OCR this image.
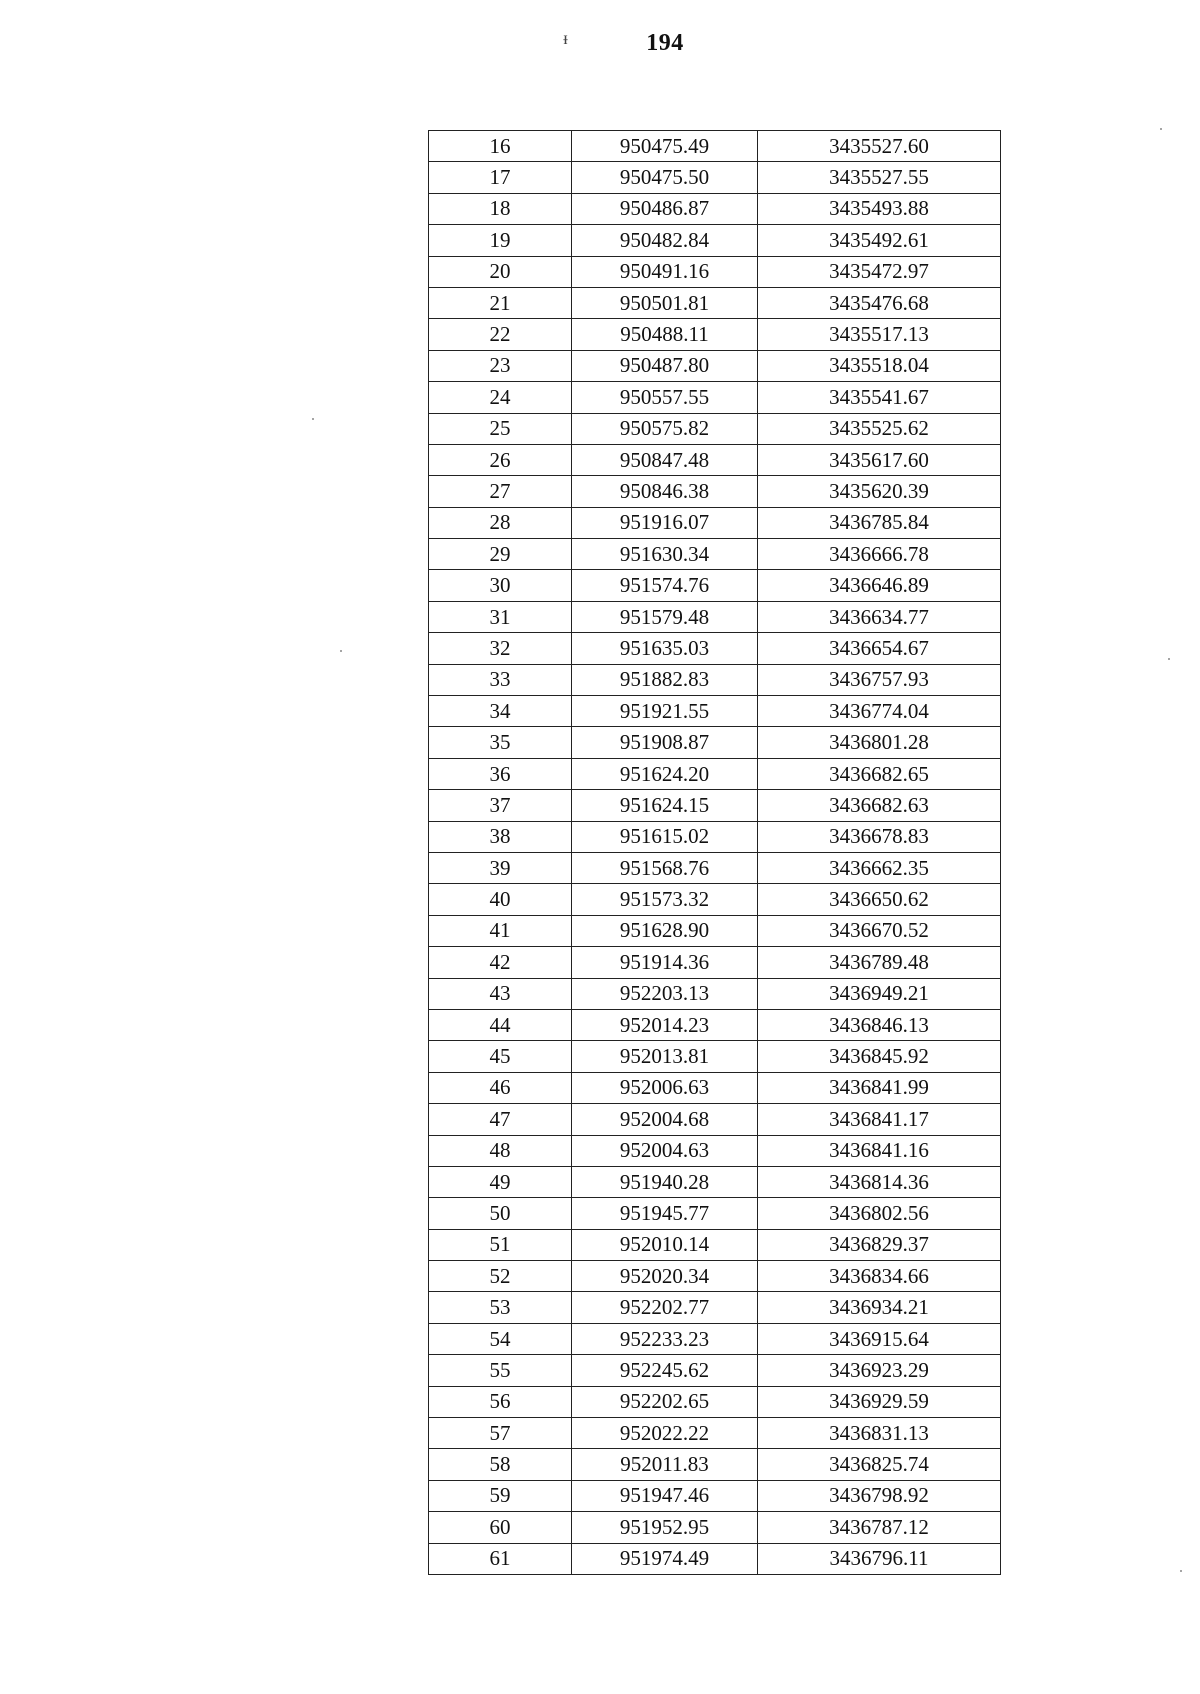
ᵻ	194
16	950475.49	3435527.60
17	950475.50	3435527.55
18	950486.87	3435493.88
19	950482.84	3435492.61
20	950491.16	3435472.97
21	950501.81	3435476.68
22	950488.11	3435517.13
23	950487.80	3435518.04
24	950557.55	3435541.67
25	950575.82	3435525.62
26	950847.48	3435617.60
27	950846.38	3435620.39
28	951916.07	3436785.84
29	951630.34	3436666.78
30	951574.76	3436646.89
31	951579.48	3436634.77
32	951635.03	3436654.67
33	951882.83	3436757.93
34	951921.55	3436774.04
35	951908.87	3436801.28
36	951624.20	3436682.65
37	951624.15	3436682.63
38	951615.02	3436678.83
39	951568.76	3436662.35
40	951573.32	3436650.62
41	951628.90	3436670.52
42	951914.36	3436789.48
43	952203.13	3436949.21
44	952014.23	3436846.13
45	952013.81	3436845.92
46	952006.63	3436841.99
47	952004.68	3436841.17
48	952004.63	3436841.16
49	951940.28	3436814.36
50	951945.77	3436802.56
51	952010.14	3436829.37
52	952020.34	3436834.66
53	952202.77	3436934.21
54	952233.23	3436915.64
55	952245.62	3436923.29
56	952202.65	3436929.59
57	952022.22	3436831.13
58	952011.83	3436825.74
59	951947.46	3436798.92
60	951952.95	3436787.12
61	951974.49	3436796.11
